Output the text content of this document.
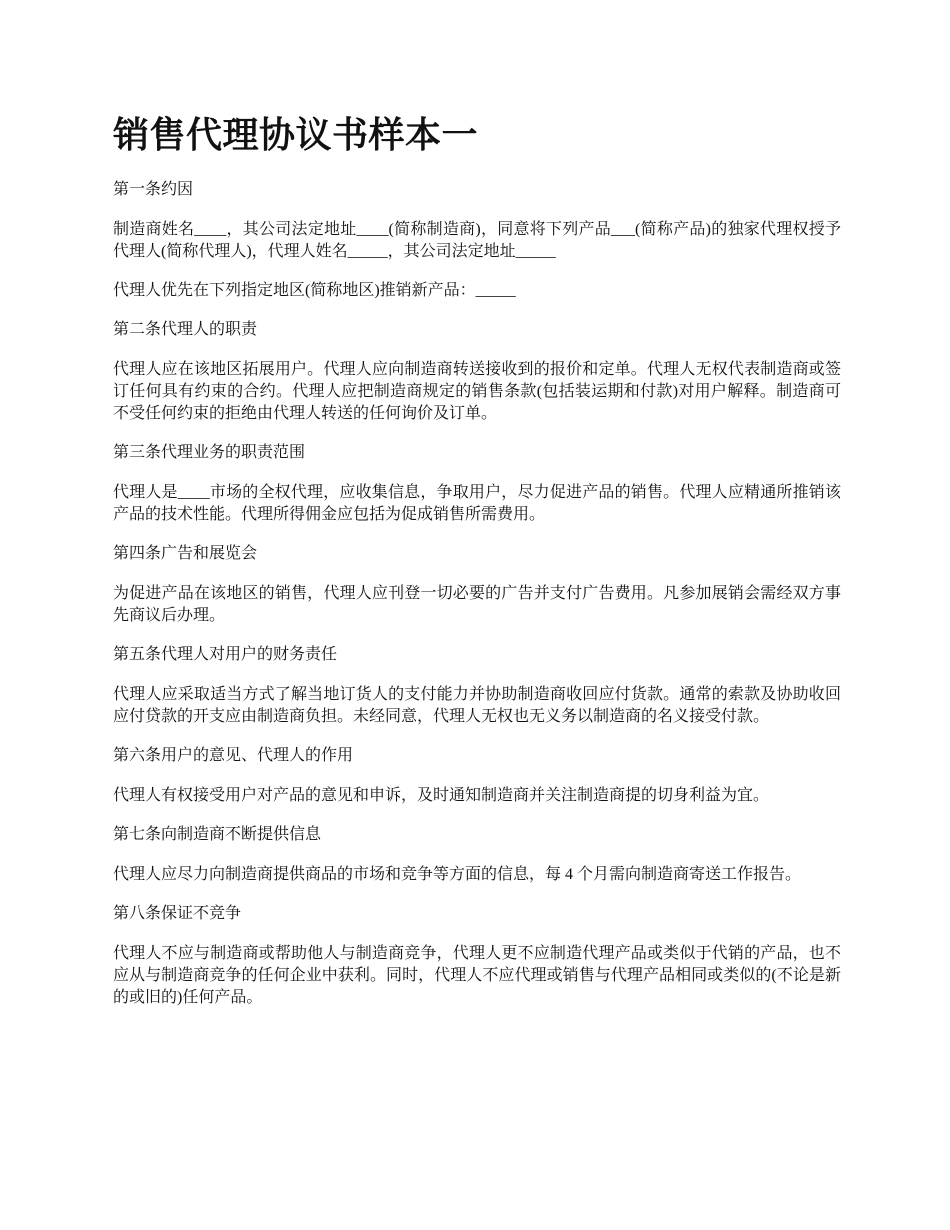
销售代理协议书样本一

第一条约因

制造商姓名____，其公司法定地址____(简称制造商)，同意将下列产品___(简称产品)的独家代理权授予代理人(简称代理人)，代理人姓名_____，其公司法定地址_____

代理人优先在下列指定地区(简称地区)推销新产品：_____

第二条代理人的职责

代理人应在该地区拓展用户。代理人应向制造商转送接收到的报价和定单。代理人无权代表制造商或签订任何具有约束的合约。代理人应把制造商规定的销售条款(包括装运期和付款)对用户解释。制造商可不受任何约束的拒绝由代理人转送的任何询价及订单。

第三条代理业务的职责范围

代理人是____市场的全权代理，应收集信息，争取用户，尽力促进产品的销售。代理人应精通所推销该产品的技术性能。代理所得佣金应包括为促成销售所需费用。

第四条广告和展览会

为促进产品在该地区的销售，代理人应刊登一切必要的广告并支付广告费用。凡参加展销会需经双方事先商议后办理。

第五条代理人对用户的财务责任

代理人应采取适当方式了解当地订货人的支付能力并协助制造商收回应付货款。通常的索款及协助收回应付贷款的开支应由制造商负担。未经同意，代理人无权也无义务以制造商的名义接受付款。

第六条用户的意见、代理人的作用

代理人有权接受用户对产品的意见和申诉，及时通知制造商并关注制造商提的切身利益为宜。

第七条向制造商不断提供信息

代理人应尽力向制造商提供商品的市场和竞争等方面的信息，每 4 个月需向制造商寄送工作报告。

第八条保证不竞争

代理人不应与制造商或帮助他人与制造商竞争，代理人更不应制造代理产品或类似于代销的产品，也不应从与制造商竞争的任何企业中获利。同时，代理人不应代理或销售与代理产品相同或类似的(不论是新的或旧的)任何产品。
